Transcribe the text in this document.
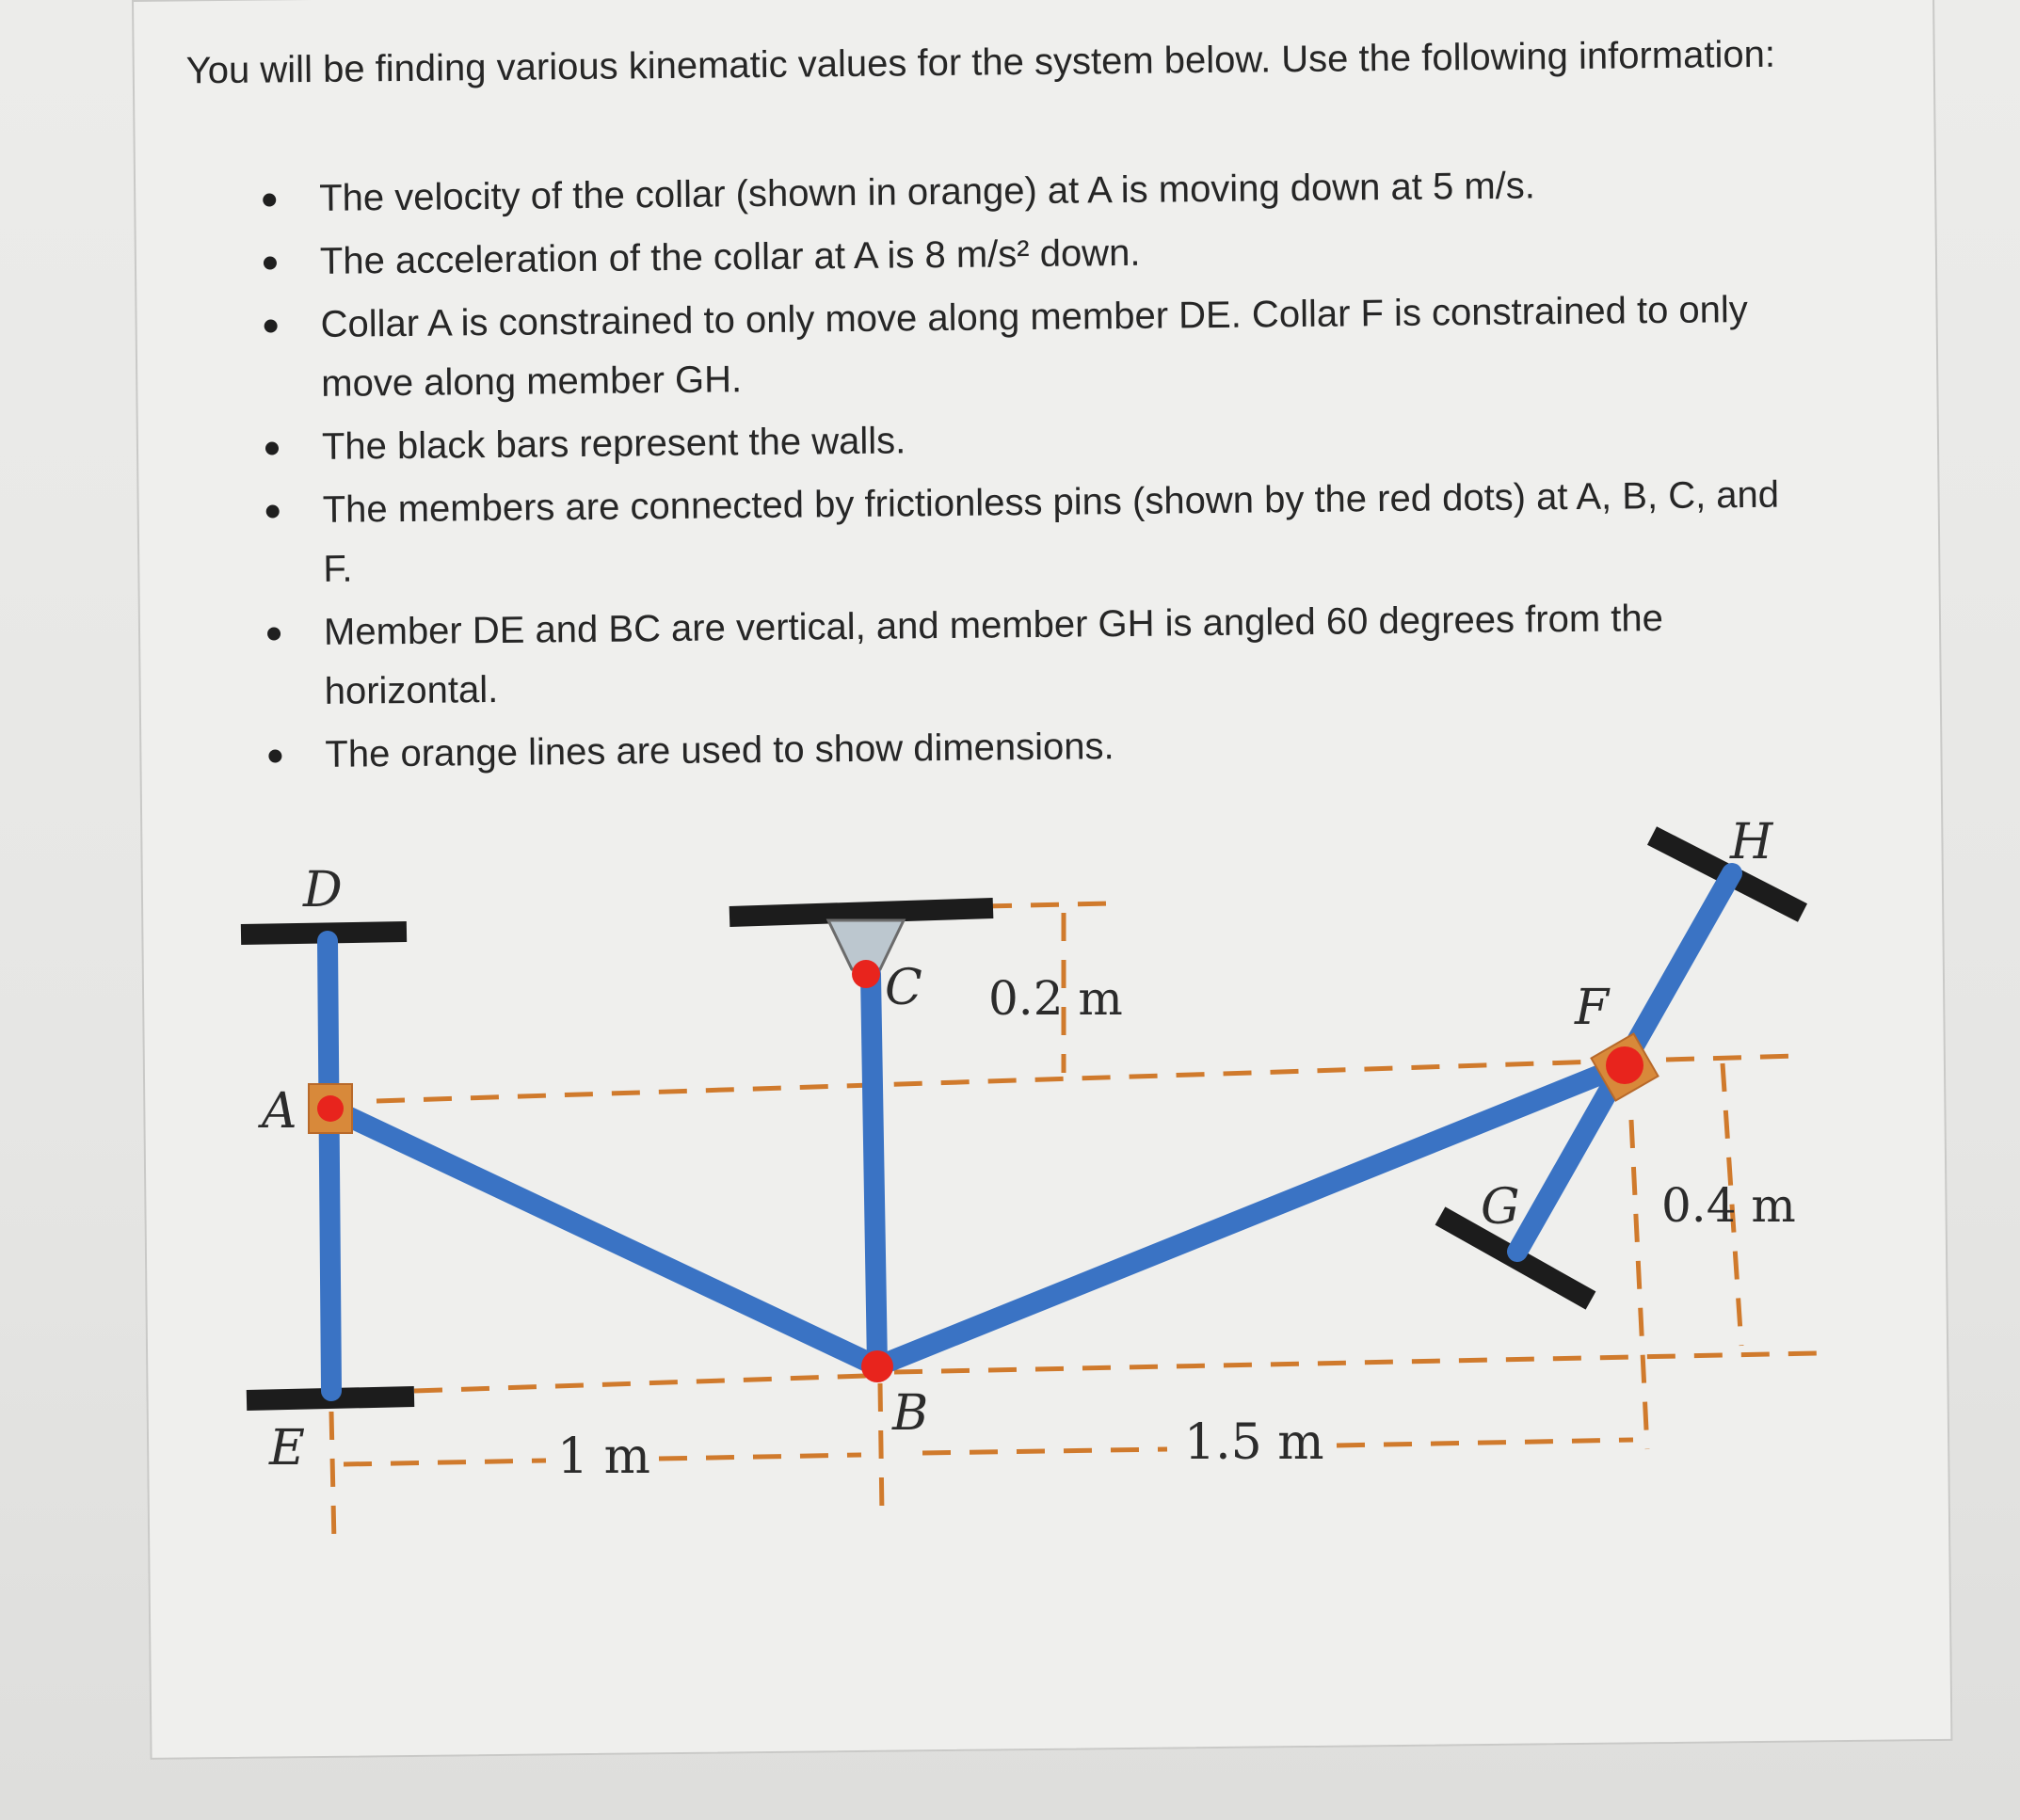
You will be finding various kinematic values for the system below. Use the following information:

The velocity of the collar (shown in orange) at A is moving down at 5 m/s.
The acceleration of the collar at A is 8 m/s² down.
Collar A is constrained to only move along member DE. Collar F is constrained to only move along member GH.
The black bars represent the walls.
The members are connected by frictionless pins (shown by the red dots) at A, B, C, and F.
Member DE and BC are vertical, and member GH is angled 60 degrees from the horizontal.
The orange lines are used to show dimensions.
D
A
E
C
B
F
G
H
0.2 m
0.4 m
1 m	1.5 m
